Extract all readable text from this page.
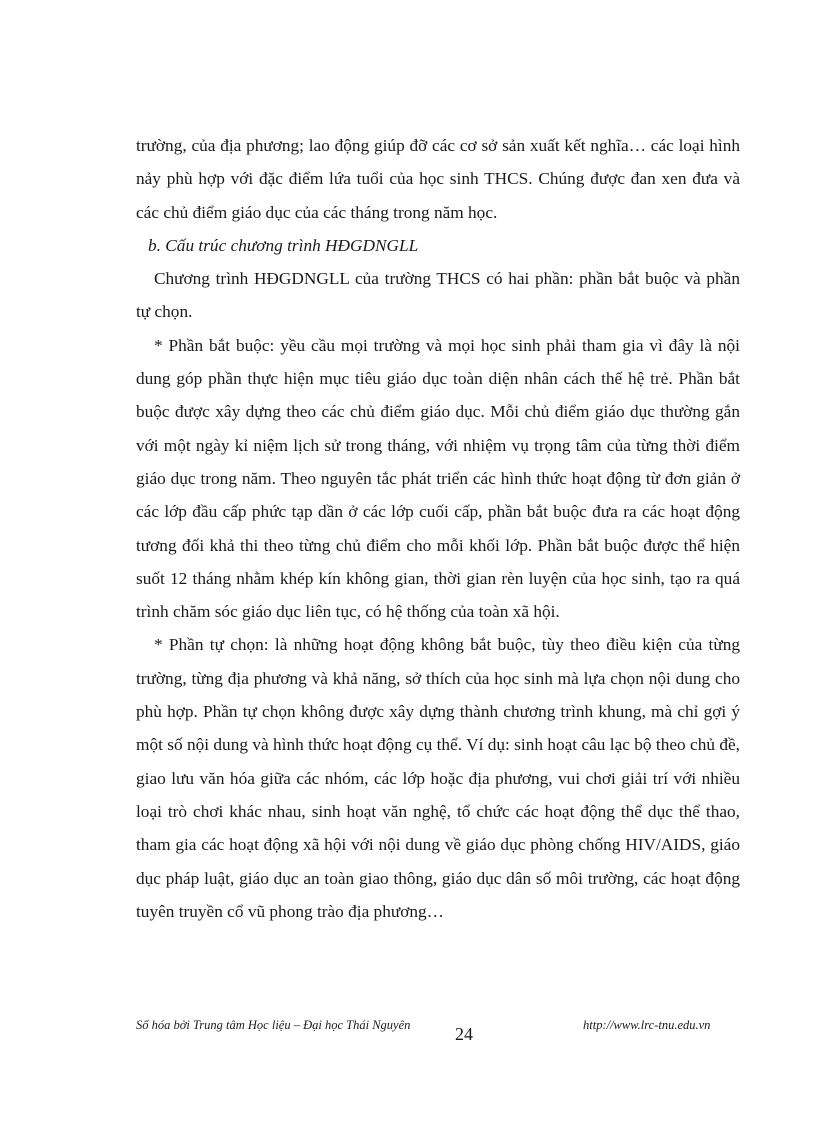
trường, của địa phương; lao động giúp đỡ các cơ sở sản xuất kết nghĩa… các loại hình nảy phù hợp với đặc điểm lứa tuổi của học sinh THCS. Chúng được đan xen đưa và các chủ điểm giáo dục của các tháng trong năm học.

b. Cấu trúc chương trình HĐGDNGLL

Chương trình HĐGDNGLL của trường THCS có hai phần: phần bắt buộc và phần tự chọn.

* Phần bắt buộc: yều cầu mọi trường và mọi học sinh phải tham gia vì đây là nội dung góp phần thực hiện mục tiêu giáo dục toàn diện nhân cách thế hệ trẻ. Phần bắt buộc được xây dựng theo các chủ điểm giáo dục. Mỗi chủ điểm giáo dục thường gắn với một ngày kỉ niệm lịch sử trong tháng, với nhiệm vụ trọng tâm của từng thời điểm giáo dục trong năm. Theo nguyên tắc phát triển các hình thức hoạt động từ đơn giản ở các lớp đầu cấp phức tạp dần ở các lớp cuối cấp, phần bắt buộc đưa ra các hoạt động tương đối khả thi theo từng chủ điểm cho mỗi khối lớp. Phần bắt buộc được thể hiện suốt 12 tháng nhằm khép kín không gian, thời gian rèn luyện của học sinh, tạo ra quá trình chăm sóc giáo dục liên tục, có hệ thống của toàn xã hội.

* Phần tự chọn: là những hoạt động không bắt buộc, tùy theo điều kiện của từng trường, từng địa phương và khả năng, sở thích của học sinh mà lựa chọn nội dung cho phù hợp. Phần tự chọn không được xây dựng thành chương trình khung, mà chỉ gợi ý một số nội dung và hình thức hoạt động cụ thể. Ví dụ: sinh hoạt câu lạc bộ theo chủ đề, giao lưu văn hóa giữa các nhóm, các lớp hoặc địa phương, vui chơi giải trí với nhiều loại trò chơi khác nhau, sinh hoạt văn nghệ, tổ chức các hoạt động thể dục thể thao, tham gia các hoạt động xã hội với nội dung về giáo dục phòng chống HIV/AIDS, giáo dục pháp luật, giáo dục an toàn giao thông, giáo dục dân số môi trường, các hoạt động tuyên truyền cổ vũ phong trào địa phương…

Số hóa bởi Trung tâm Học liệu – Đại học Thái Nguyên 24	http://www.lrc-tnu.edu.vn
